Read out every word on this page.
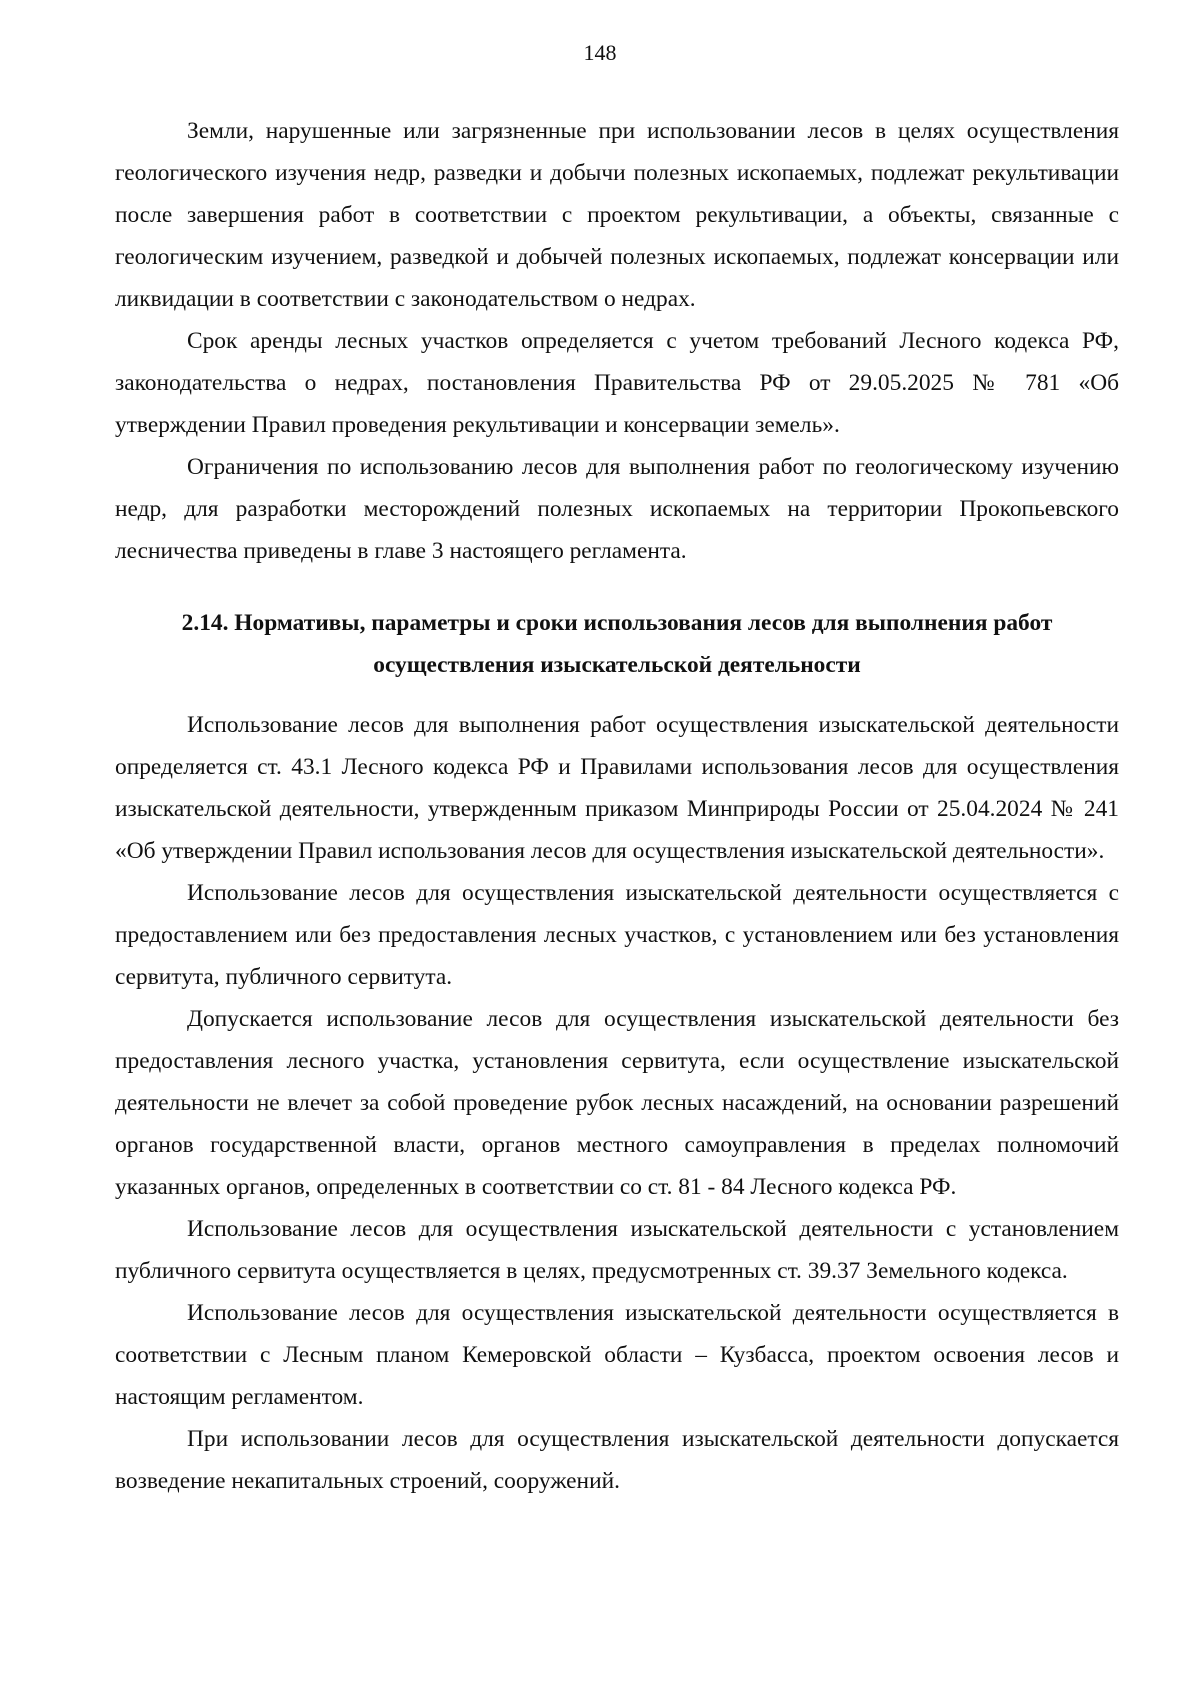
148

Земли, нарушенные или загрязненные при использовании лесов в целях осуществления геологического изучения недр, разведки и добычи полезных ископаемых, подлежат рекультивации после завершения работ в соответствии с проектом рекультивации, а объекты, связанные с геологическим изучением, разведкой и добычей полезных ископаемых, подлежат консервации или ликвидации в соответствии с законодательством о недрах.

Срок аренды лесных участков определяется с учетом требований Лесного кодекса РФ, законодательства о недрах, постановления Правительства РФ от 29.05.2025 № 781 «Об утверждении Правил проведения рекультивации и консервации земель».

Ограничения по использованию лесов для выполнения работ по геологическому изучению недр, для разработки месторождений полезных ископаемых на территории Прокопьевского лесничества приведены в главе 3 настоящего регламента.

2.14. Нормативы, параметры и сроки использования лесов для выполнения работ осуществления изыскательской деятельности

Использование лесов для выполнения работ осуществления изыскательской деятельности определяется ст. 43.1 Лесного кодекса РФ и Правилами использования лесов для осуществления изыскательской деятельности, утвержденным приказом Минприроды России от 25.04.2024 № 241 «Об утверждении Правил использования лесов для осуществления изыскательской деятельности».

Использование лесов для осуществления изыскательской деятельности осуществляется с предоставлением или без предоставления лесных участков, с установлением или без установления сервитута, публичного сервитута.

Допускается использование лесов для осуществления изыскательской деятельности без предоставления лесного участка, установления сервитута, если осуществление изыскательской деятельности не влечет за собой проведение рубок лесных насаждений, на основании разрешений органов государственной власти, органов местного самоуправления в пределах полномочий указанных органов, определенных в соответствии со ст. 81 - 84 Лесного кодекса РФ.

Использование лесов для осуществления изыскательской деятельности с установлением публичного сервитута осуществляется в целях, предусмотренных ст. 39.37 Земельного кодекса.

Использование лесов для осуществления изыскательской деятельности осуществляется в соответствии с Лесным планом Кемеровской области – Кузбасса, проектом освоения лесов и настоящим регламентом.

При использовании лесов для осуществления изыскательской деятельности допускается возведение некапитальных строений, сооружений.
